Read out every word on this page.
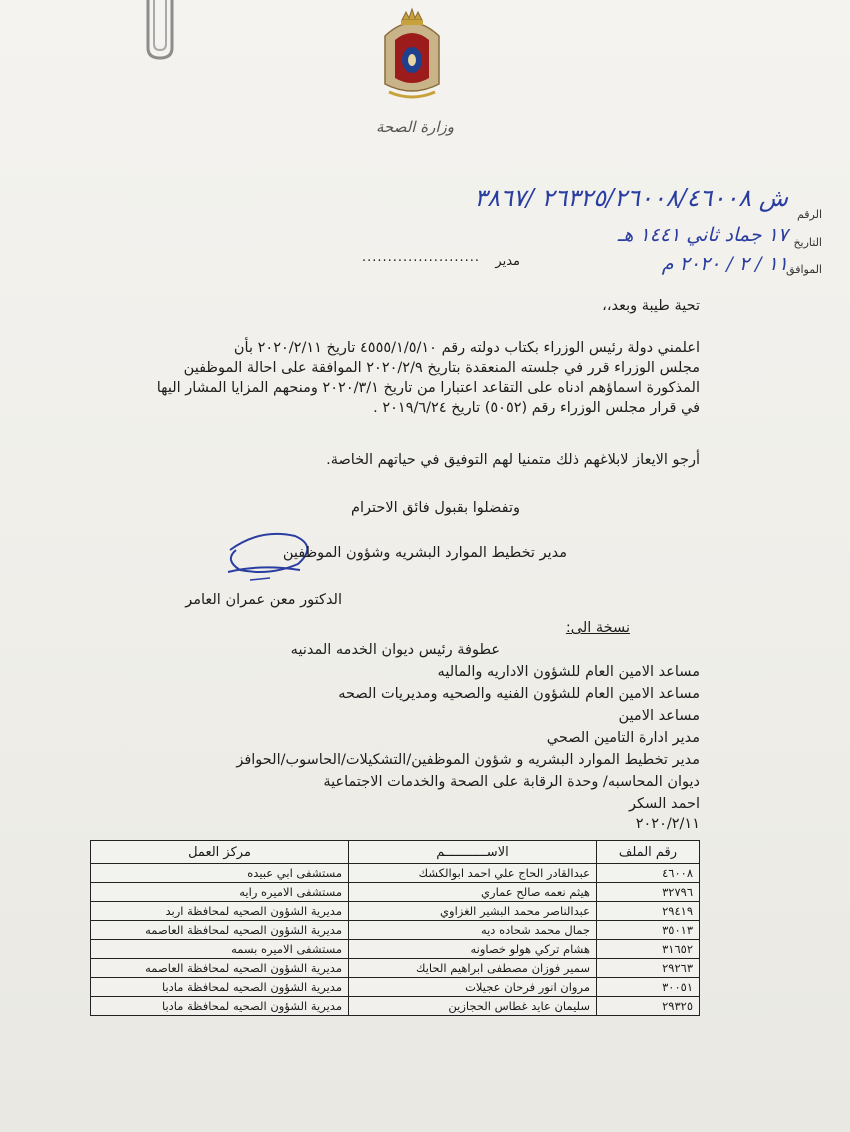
وزارة الصحة
الرقم
التاريخ
الموافق
ش ٢٦٣٢٥/٢٦٠٠٨/٤٦٠٠٨ /٣٨٦٧
١٧ جماد ثاني ١٤٤١ هـ
١١ / ٢ / ٢٠٢٠ م
مدير
.......................
تحية طيبة وبعد،،
اعلمني دولة رئيس الوزراء بكتاب دولته رقم ٤٥٥٥/١/٥/١٠ تاريخ ٢٠٢٠/٢/١١ بأن
مجلس الوزراء قرر في جلسته المنعقدة بتاريخ ٢٠٢٠/٢/٩ الموافقة على احالة الموظفين
المذكورة اسماؤهم ادناه على التقاعد اعتبارا من تاريخ ٢٠٢٠/٣/١ ومنحهم المزايا المشار اليها
في قرار مجلس الوزراء رقم (٥٠٥٢) تاريخ ٢٠١٩/٦/٢٤ .
أرجو الايعاز لابلاغهم ذلك متمنيا لهم التوفيق في حياتهم الخاصة.
وتفضلوا بقبول فائق الاحترام
مدير تخطيط الموارد البشريه وشؤون الموظفين
الدكتور معن عمران العامر
نسخة الى:
عطوفة رئيس ديوان الخدمه المدنيه
مساعد الامين العام للشؤون الاداريه والماليه
مساعد الامين العام للشؤون الفنيه والصحيه ومديريات الصحه
مساعد الامين
مدير ادارة التامين الصحي
مدير تخطيط الموارد البشريه و شؤون الموظفين/التشكيلات/الحاسوب/الحوافز
ديوان المحاسبه/ وحدة الرقابة على الصحة والخدمات الاجتماعية
احمد السكر
٢٠٢٠/٢/١١
رقم الملف	الاســـــــــــم	مركز العمل
٤٦٠٠٨	عبدالقادر الحاج علي احمد ابوالكشك	مستشفى ابي عبيده
٣٢٧٩٦	هيثم نعمه صالح عماري	مستشفى الاميره رايه
٢٩٤١٩	عبدالناصر محمد البشير الغزاوي	مديرية الشؤون الصحيه لمحافظة اربد
٣٥٠١٣	جمال محمد شحاده ديه	مديرية الشؤون الصحيه لمحافظة العاصمه
٣١٦٥٢	هشام تركي هولو خصاونه	مستشفى الاميره بسمه
٢٩٢٦٣	سمير فوزان مصطفى ابراهيم الحايك	مديرية الشؤون الصحيه لمحافظة العاصمه
٣٠٠٥١	مروان انور فرحان عجيلات	مديرية الشؤون الصحيه لمحافظة مادبا
٢٩٣٢٥	سليمان عايد غطاس الحجازين	مديرية الشؤون الصحيه لمحافظة مادبا
